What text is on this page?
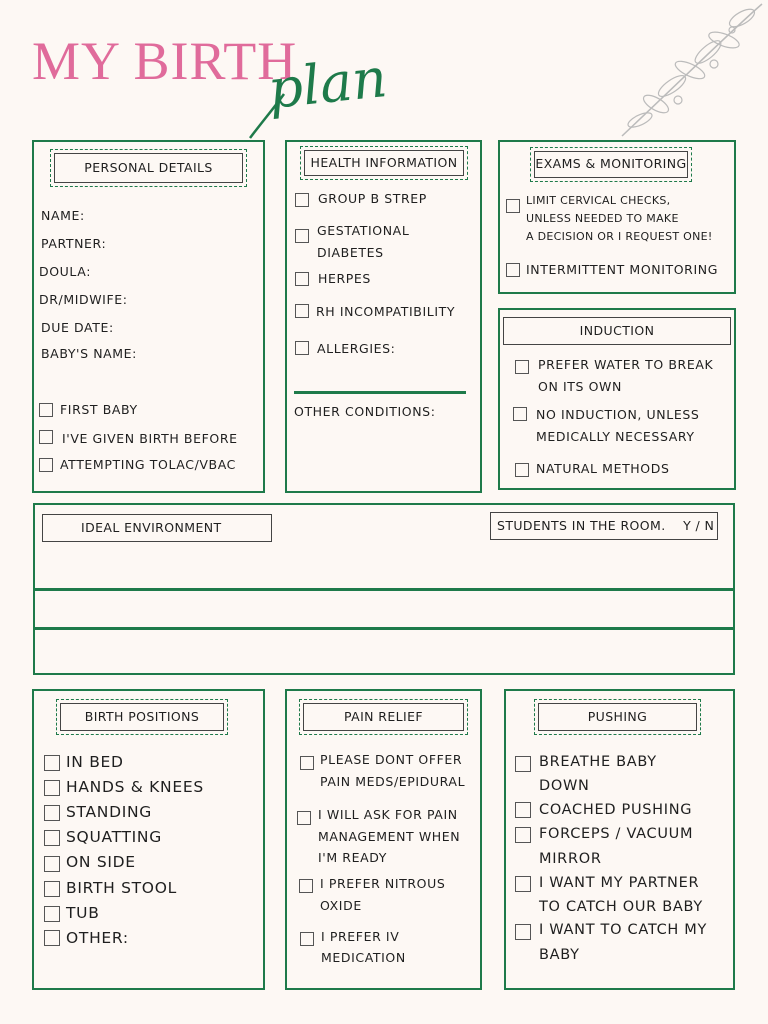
MY BIRTH
plan
PERSONAL DETAILS
NAME:
PARTNER:
DOULA:
DR/MIDWIFE:
DUE DATE:
BABY'S NAME:
FIRST BABY
I'VE GIVEN BIRTH BEFORE
ATTEMPTING TOLAC/VBAC
HEALTH INFORMATION
GROUP B STREP
GESTATIONAL
DIABETES
HERPES
RH INCOMPATIBILITY
ALLERGIES:
OTHER CONDITIONS:
EXAMS & MONITORING
LIMIT CERVICAL CHECKS,
UNLESS NEEDED TO MAKE
A DECISION OR I REQUEST ONE!
INTERMITTENT MONITORING
INDUCTION
PREFER WATER TO BREAK
ON ITS OWN
NO INDUCTION, UNLESS
MEDICALLY NECESSARY
NATURAL METHODS
IDEAL ENVIRONMENT	STUDENTS IN THE ROOM.    Y / N
BIRTH POSITIONS
IN BED
HANDS & KNEES
STANDING
SQUATTING
ON SIDE
BIRTH STOOL
TUB
OTHER:
PAIN RELIEF
PLEASE DONT OFFER
PAIN MEDS/EPIDURAL
I WILL ASK FOR PAIN
MANAGEMENT WHEN
I'M READY
I PREFER NITROUS
OXIDE
I PREFER IV
MEDICATION
PUSHING
BREATHE BABY
DOWN
COACHED PUSHING
FORCEPS / VACUUM
MIRROR
I WANT MY PARTNER
TO CATCH OUR BABY
I WANT TO CATCH MY
BABY
